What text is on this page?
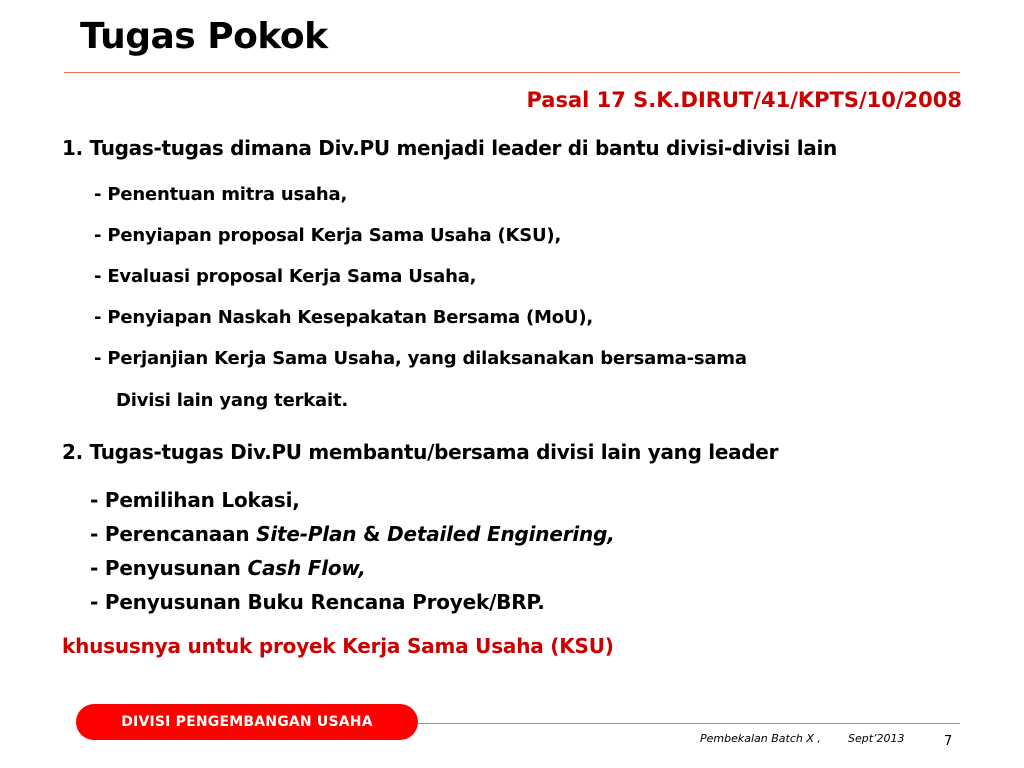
Tugas Pokok
Pasal 17 S.K.DIRUT/41/KPTS/10/2008
1. Tugas-tugas dimana Div.PU menjadi leader di bantu divisi-divisi lain
- Penentuan mitra usaha,
- Penyiapan proposal Kerja Sama Usaha (KSU),
- Evaluasi proposal Kerja Sama Usaha,
- Penyiapan Naskah Kesepakatan Bersama (MoU),
- Perjanjian Kerja Sama Usaha, yang dilaksanakan bersama-sama
Divisi lain yang terkait.
2. Tugas-tugas Div.PU membantu/bersama divisi lain yang leader
- Pemilihan Lokasi,
- Perencanaan Site-Plan & Detailed Enginering,
- Penyusunan Cash Flow,
- Penyusunan Buku Rencana Proyek/BRP.
khususnya untuk proyek Kerja Sama Usaha (KSU)
DIVISI PENGEMBANGAN USAHA
Pembekalan Batch X , Sept’2013	7
